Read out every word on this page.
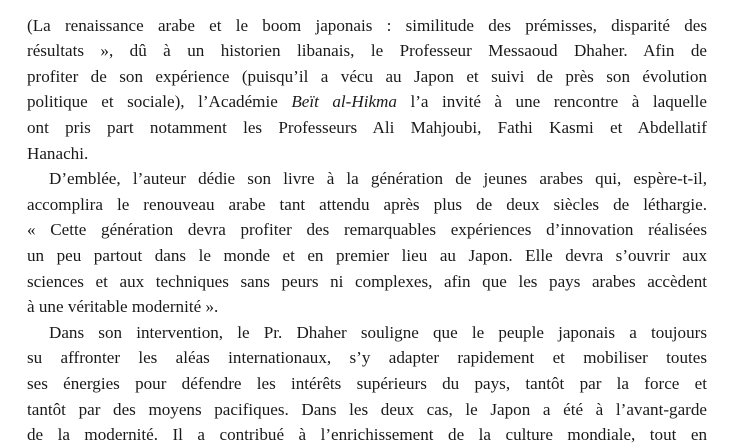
(La renaissance arabe et le boom japonais : similitude des prémisses, disparité des
résultats », dû à un historien libanais, le Professeur Messaoud Dhaher. Afin de
profiter de son expérience (puisqu’il a vécu au Japon et suivi de près son évolution
politique et sociale), l’Académie Beït al-Hikma l’a invité à une rencontre à laquelle
ont pris part notamment les Professeurs Ali Mahjoubi, Fathi Kasmi et Abdellatif
Hanachi.
D’emblée, l’auteur dédie son livre à la génération de jeunes arabes qui, espère-t-il,
accomplira le renouveau arabe tant attendu après plus de deux siècles de léthargie.
« Cette génération devra profiter des remarquables expériences d’innovation réalisées
un peu partout dans le monde et en premier lieu au Japon. Elle devra s’ouvrir aux
sciences et aux techniques sans peurs ni complexes, afin que les pays arabes accèdent
à une véritable modernité ».
Dans son intervention, le Pr. Dhaher souligne que le peuple japonais a toujours
su affronter les aléas internationaux, s’y adapter rapidement et mobiliser toutes
ses énergies pour défendre les intérêts supérieurs du pays, tantôt par la force et
tantôt par des moyens pacifiques. Dans les deux cas, le Japon a été à l’avant-garde
de la modernité. Il a contribué à l’enrichissement de la culture mondiale, tout en
